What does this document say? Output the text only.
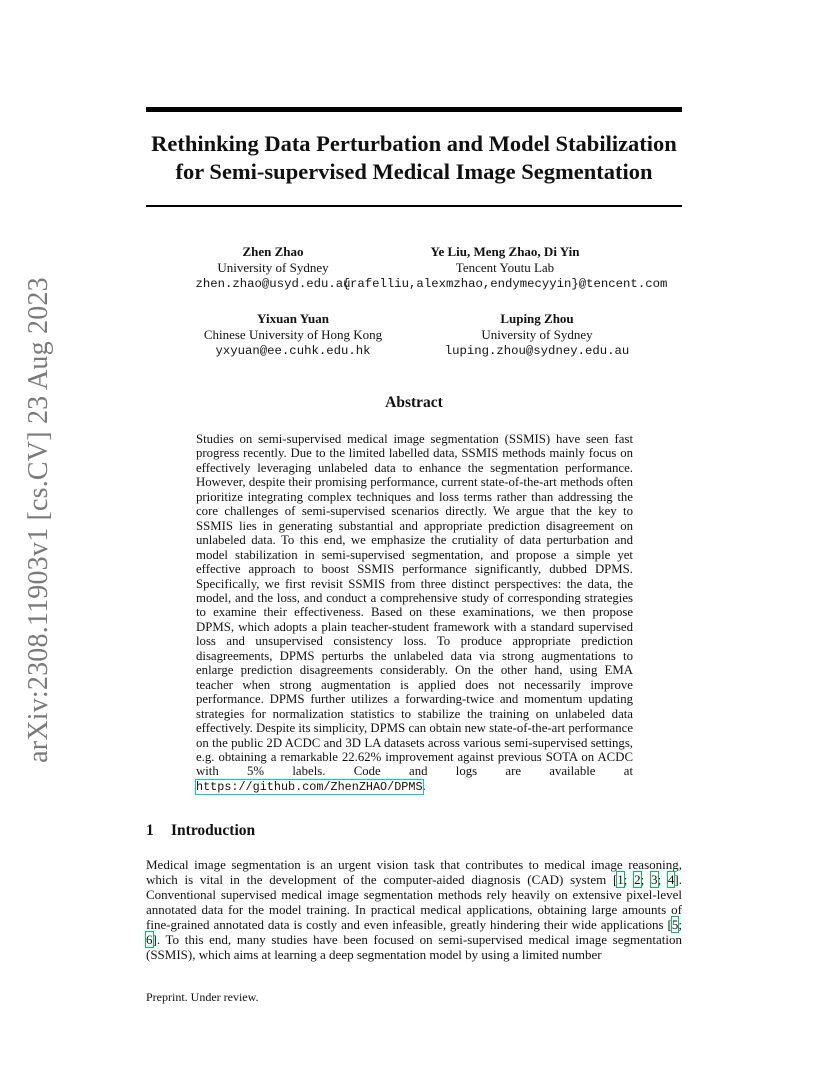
arXiv:2308.11903v1 [cs.CV] 23 Aug 2023
Rethinking Data Perturbation and Model Stabilization
for Semi-supervised Medical Image Segmentation
Zhen Zhao
University of Sydney
zhen.zhao@usyd.edu.au
Ye Liu, Meng Zhao, Di Yin
Tencent Youtu Lab
{rafelliu,alexmzhao,endymecyyin}@tencent.com
Yixuan Yuan
Chinese University of Hong Kong
yxyuan@ee.cuhk.edu.hk
Luping Zhou
University of Sydney
luping.zhou@sydney.edu.au
Abstract
Studies on semi-supervised medical image segmentation (SSMIS) have seen fast progress recently. Due to the limited labelled data, SSMIS methods mainly focus on effectively leveraging unlabeled data to enhance the segmentation performance. However, despite their promising performance, current state-of-the-art methods often prioritize integrating complex techniques and loss terms rather than addressing the core challenges of semi-supervised scenarios directly. We argue that the key to SSMIS lies in generating substantial and appropriate prediction disagreement on unlabeled data. To this end, we emphasize the crutiality of data perturbation and model stabilization in semi-supervised segmentation, and propose a simple yet effective approach to boost SSMIS performance significantly, dubbed DPMS. Specifically, we first revisit SSMIS from three distinct perspectives: the data, the model, and the loss, and conduct a comprehensive study of corresponding strategies to examine their effectiveness. Based on these examinations, we then propose DPMS, which adopts a plain teacher-student framework with a standard supervised loss and unsupervised consistency loss. To produce appropriate prediction disagreements, DPMS perturbs the unlabeled data via strong augmentations to enlarge prediction disagreements considerably. On the other hand, using EMA teacher when strong augmentation is applied does not necessarily improve performance. DPMS further utilizes a forwarding-twice and momentum updating strategies for normalization statistics to stabilize the training on unlabeled data effectively. Despite its simplicity, DPMS can obtain new state-of-the-art performance on the public 2D ACDC and 3D LA datasets across various semi-supervised settings, e.g. obtaining a remarkable 22.62% improvement against previous SOTA on ACDC with 5% labels. Code and logs are available at https://github.com/ZhenZHAO/DPMS.
1 Introduction
Medical image segmentation is an urgent vision task that contributes to medical image reasoning, which is vital in the development of the computer-aided diagnosis (CAD) system [1; 2; 3; 4]. Conventional supervised medical image segmentation methods rely heavily on extensive pixel-level annotated data for the model training. In practical medical applications, obtaining large amounts of fine-grained annotated data is costly and even infeasible, greatly hindering their wide applications [5; 6]. To this end, many studies have been focused on semi-supervised medical image segmentation (SSMIS), which aims at learning a deep segmentation model by using a limited number
Preprint. Under review.
